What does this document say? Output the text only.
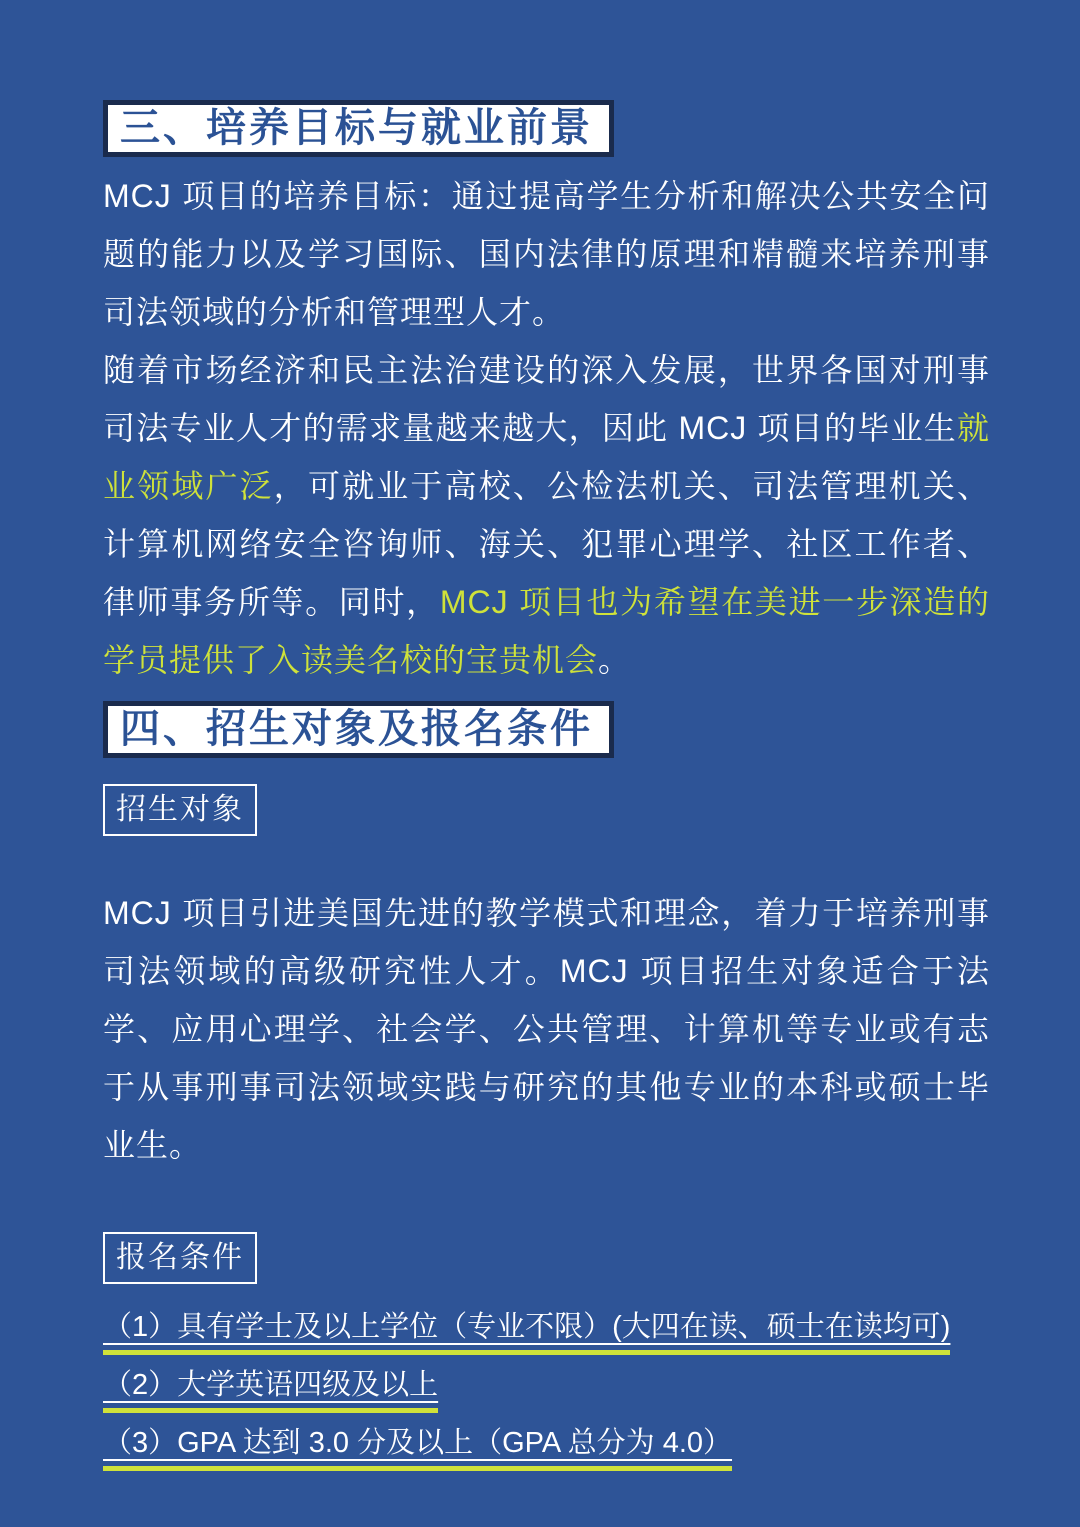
三、培养目标与就业前景

MCJ 项目的培养目标：通过提高学生分析和解决公共安全问题的能力以及学习国际、国内法律的原理和精髓来培养刑事司法领域的分析和管理型人才。

随着市场经济和民主法治建设的深入发展，世界各国对刑事司法专业人才的需求量越来越大，因此 MCJ 项目的毕业生就业领域广泛，可就业于高校、公检法机关、司法管理机关、计算机网络安全咨询师、海关、犯罪心理学、社区工作者、律师事务所等。同时，MCJ 项目也为希望在美进一步深造的学员提供了入读美名校的宝贵机会。

四、招生对象及报名条件
招生对象

MCJ 项目引进美国先进的教学模式和理念，着力于培养刑事司法领域的高级研究性人才。MCJ 项目招生对象适合于法学、应用心理学、社会学、公共管理、计算机等专业或有志于从事刑事司法领域实践与研究的其他专业的本科或硕士毕业生。

报名条件
（1）具有学士及以上学位（专业不限）(大四在读、硕士在读均可)
（2）大学英语四级及以上
（3）GPA 达到 3.0 分及以上（GPA 总分为 4.0）
